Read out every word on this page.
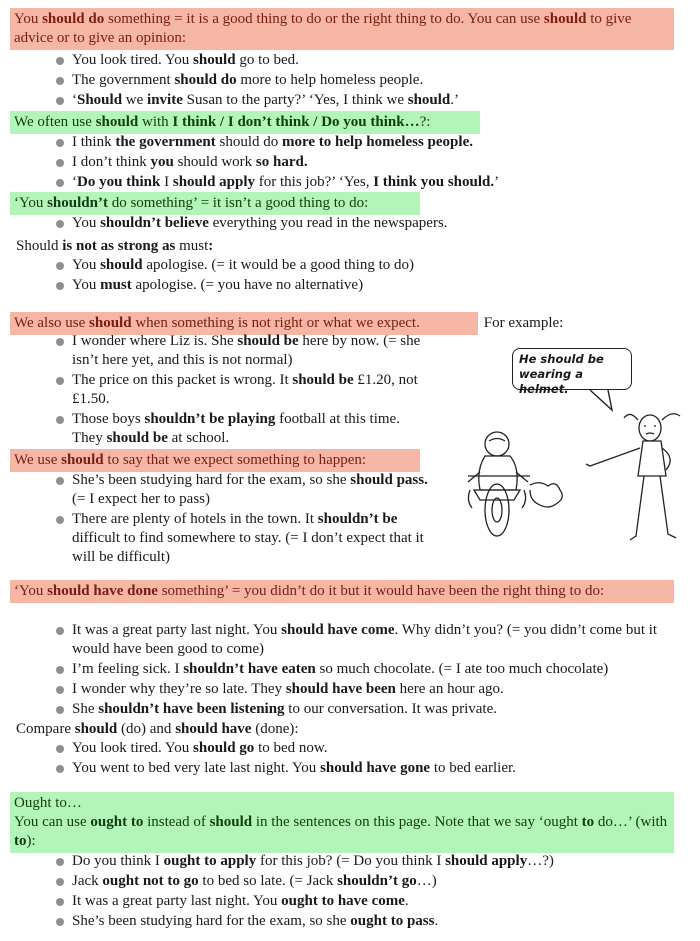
You should do something = it is a good thing to do or the right thing to do. You can use should to give advice or to give an opinion:
You look tired. You should go to bed.
The government should do more to help homeless people.
‘Should we invite Susan to the party?’ ‘Yes, I think we should.’
We often use should with I think / I don’t think / Do you think…?:
I think the government should do more to help homeless people.
I don’t think you should work so hard.
‘Do you think I should apply for this job?’ ‘Yes, I think you should.’
‘You shouldn’t do something’ = it isn’t a good thing to do:
You shouldn’t believe everything you read in the newspapers.
Should is not as strong as must:
You should apologise. (= it would be a good thing to do)
You must apologise. (= you have no alternative)
We also use should when something is not right or what we expect.	For example:
I wonder where Liz is. She should be here by now. (= she isn’t here yet, and this is not normal)
The price on this packet is wrong. It should be £1.20, not £1.50.
Those boys shouldn’t be playing football at this time. They should be at school.
We use should to say that we expect something to happen:
She’s been studying hard for the exam, so she should pass. (= I expect her to pass)
There are plenty of hotels in the town. It shouldn’t be difficult to find somewhere to stay. (= I don’t expect that it will be difficult)
He should be wearing a helmet.
‘You should have done something’ = you didn’t do it but it would have been the right thing to do:
It was a great party last night. You should have come. Why didn’t you? (= you didn’t come but it would have been good to come)
I’m feeling sick. I shouldn’t have eaten so much chocolate. (= I ate too much chocolate)
I wonder why they’re so late. They should have been here an hour ago.
She shouldn’t have been listening to our conversation. It was private.
Compare should (do) and should have (done):
You look tired. You should go to bed now.
You went to bed very late last night. You should have gone to bed earlier.
Ought to…
You can use ought to instead of should in the sentences on this page. Note that we say ‘ought to do…’ (with to):
Do you think I ought to apply for this job? (= Do you think I should apply…?)
Jack ought not to go to bed so late. (= Jack shouldn’t go…)
It was a great party last night. You ought to have come.
She’s been studying hard for the exam, so she ought to pass.
